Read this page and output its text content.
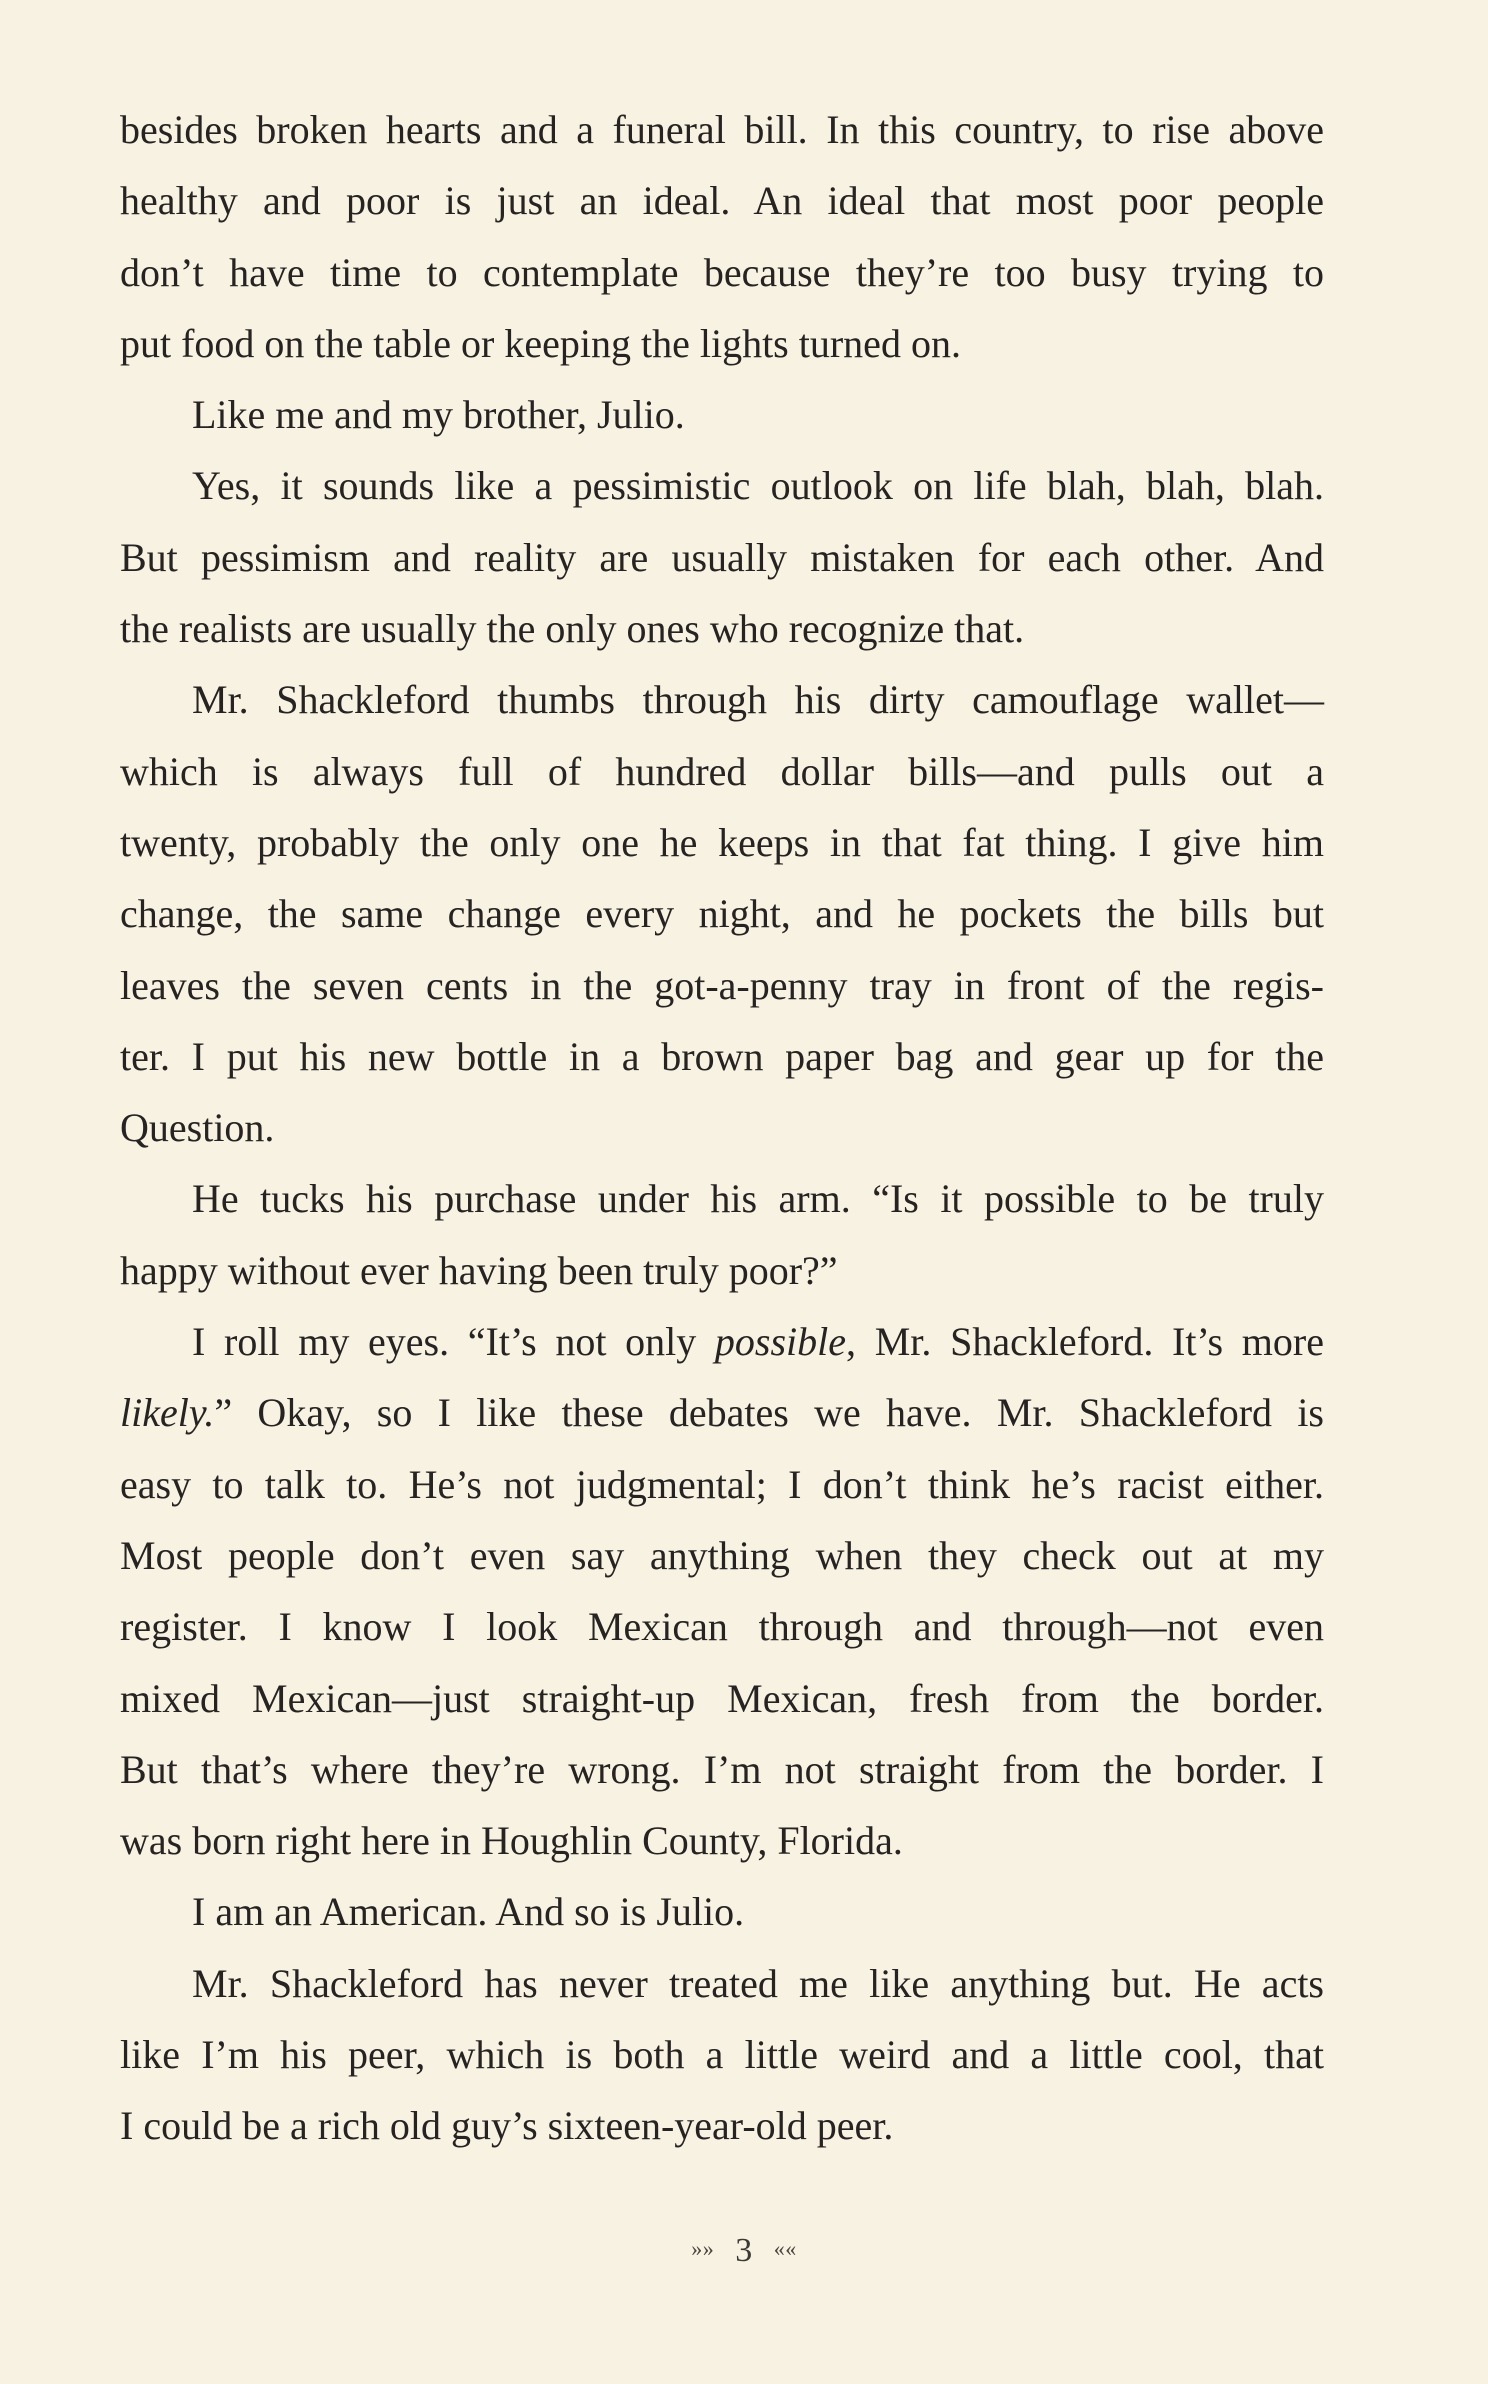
besides broken hearts and a funeral bill. In this country, to rise above
healthy and poor is just an ideal. An ideal that most poor people
don’t have time to contemplate because they’re too busy trying to
put food on the table or keeping the lights turned on.
Like me and my brother, Julio.
Yes, it sounds like a pessimistic outlook on life blah, blah, blah.
But pessimism and reality are usually mistaken for each other. And
the realists are usually the only ones who recognize that.
Mr. Shackleford thumbs through his dirty camouflage wallet—
which is always full of hundred dollar bills—and pulls out a
twenty, probably the only one he keeps in that fat thing. I give him
change, the same change every night, and he pockets the bills but
leaves the seven cents in the got-a-penny tray in front of the regis-
ter. I put his new bottle in a brown paper bag and gear up for the
Question.
He tucks his purchase under his arm. “Is it possible to be truly
happy without ever having been truly poor?”
I roll my eyes. “It’s not only possible, Mr. Shackleford. It’s more
likely.” Okay, so I like these debates we have. Mr. Shackleford is
easy to talk to. He’s not judgmental; I don’t think he’s racist either.
Most people don’t even say anything when they check out at my
register. I know I look Mexican through and through—not even
mixed Mexican—just straight-up Mexican, fresh from the border.
But that’s where they’re wrong. I’m not straight from the border. I
was born right here in Houghlin County, Florida.
I am an American. And so is Julio.
Mr. Shackleford has never treated me like anything but. He acts
like I’m his peer, which is both a little weird and a little cool, that
I could be a rich old guy’s sixteen-year-old peer.
»» 3 ««
